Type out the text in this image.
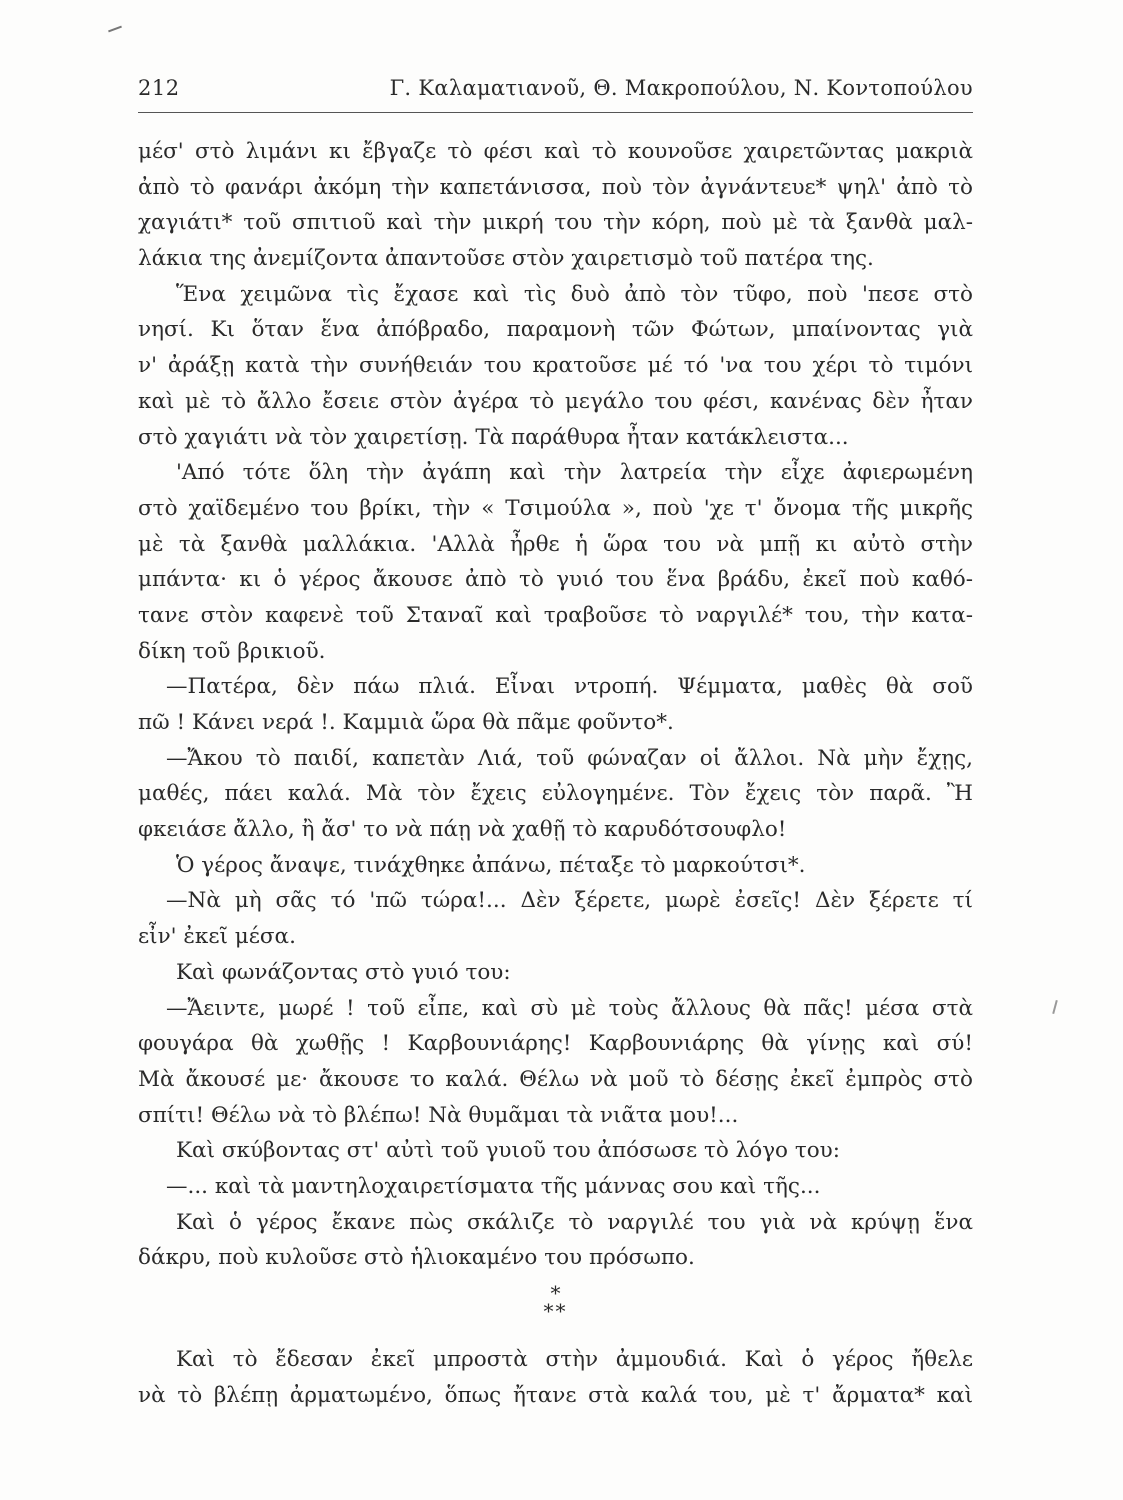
212	Γ. Καλαματιανοῦ, Θ. Μακροπούλου, Ν. Κοντοπούλου
μέσ' στὸ λιμάνι κι ἔβγαζε τὸ φέσι καὶ τὸ κουνοῦσε χαιρετῶντας μακριὰ
ἀπὸ τὸ φανάρι ἀκόμη τὴν καπετάνισσα, ποὺ τὸν ἀγνάντευε* ψηλ' ἀπὸ τὸ
χαγιάτι* τοῦ σπιτιοῦ καὶ τὴν μικρή του τὴν κόρη, ποὺ μὲ τὰ ξανθὰ μαλ-
λάκια της ἀνεμίζοντα ἀπαντοῦσε στὸν χαιρετισμὸ τοῦ πατέρα της.
Ἕνα χειμῶνα τὶς ἔχασε καὶ τὶς δυὸ ἀπὸ τὸν τῦφο, ποὺ 'πεσε στὸ
νησί. Κι ὅταν ἕνα ἀπόβραδο, παραμονὴ τῶν Φώτων, μπαίνοντας γιὰ
ν' ἀράξῃ κατὰ τὴν συνήθειάν του κρατοῦσε μέ τό 'να του χέρι τὸ τιμόνι
καὶ μὲ τὸ ἄλλο ἔσειε στὸν ἀγέρα τὸ μεγάλο του φέσι, κανένας δὲν ἦταν
στὸ χαγιάτι νὰ τὸν χαιρετίσῃ. Τὰ παράθυρα ἦταν κατάκλειστα...
'Από τότε ὅλη τὴν ἀγάπη καὶ τὴν λατρεία τὴν εἶχε ἀφιερωμένη
στὸ χαϊδεμένο του βρίκι, τὴν « Τσιμούλα », ποὺ 'χε τ' ὄνομα τῆς μικρῆς
μὲ τὰ ξανθὰ μαλλάκια. 'Αλλὰ ἦρθε ἡ ὥρα του νὰ μπῇ κι αὐτὸ στὴν
μπάντα· κι ὁ γέρος ἄκουσε ἀπὸ τὸ γυιό του ἕνα βράδυ, ἐκεῖ ποὺ καθό-
τανε στὸν καφενὲ τοῦ Σταναῖ καὶ τραβοῦσε τὸ ναργιλέ* του, τὴν κατα-
δίκη τοῦ βρικιοῦ.
—Πατέρα, δὲν πάω πλιά. Εἶναι ντροπή. Ψέμματα, μαθὲς θὰ σοῦ
πῶ ! Κάνει νερά !. Καμμιὰ ὥρα θὰ πᾶμε φοῦντο*.
—Ἄκου τὸ παιδί, καπετὰν Λιά, τοῦ φώναζαν οἱ ἄλλοι. Νὰ μὴν ἔχῃς,
μαθές, πάει καλά. Μὰ τὸν ἔχεις εὐλογημένε. Τὸν ἔχεις τὸν παρᾶ. Ἢ
φκειάσε ἄλλο, ἢ ἄσ' το νὰ πάῃ νὰ χαθῇ τὸ καρυδότσουφλο!
Ὁ γέρος ἄναψε, τινάχθηκε ἀπάνω, πέταξε τὸ μαρκούτσι*.
—Νὰ μὴ σᾶς τό 'πῶ τώρα!... Δὲν ξέρετε, μωρὲ ἐσεῖς! Δὲν ξέρετε τί
εἶν' ἐκεῖ μέσα.
Καὶ φωνάζοντας στὸ γυιό του:
—Ἄειντε, μωρέ ! τοῦ εἶπε, καὶ σὺ μὲ τοὺς ἄλλους θὰ πᾶς! μέσα στὰ
φουγάρα θὰ χωθῇς ! Καρβουνιάρης! Καρβουνιάρης θὰ γίνῃς καὶ σύ!
Μὰ ἄκουσέ με· ἄκουσε το καλά. Θέλω νὰ μοῦ τὸ δέσῃς ἐκεῖ ἐμπρὸς στὸ
σπίτι! Θέλω νὰ τὸ βλέπω! Νὰ θυμᾶμαι τὰ νιᾶτα μου!...
Καὶ σκύβοντας στ' αὐτὶ τοῦ γυιοῦ του ἀπόσωσε τὸ λόγο του:
—... καὶ τὰ μαντηλοχαιρετίσματα τῆς μάννας σου καὶ τῆς...
Καὶ ὁ γέρος ἔκανε πὼς σκάλιζε τὸ ναργιλέ του γιὰ νὰ κρύψῃ ἕνα
δάκρυ, ποὺ κυλοῦσε στὸ ἡλιοκαμένο του πρόσωπο.
*
**
Καὶ τὸ ἔδεσαν ἐκεῖ μπροστὰ στὴν ἀμμουδιά. Καὶ ὁ γέρος ἤθελε
νὰ τὸ βλέπῃ ἀρματωμένο, ὅπως ἤτανε στὰ καλά του, μὲ τ' ἄρματα* καὶ
